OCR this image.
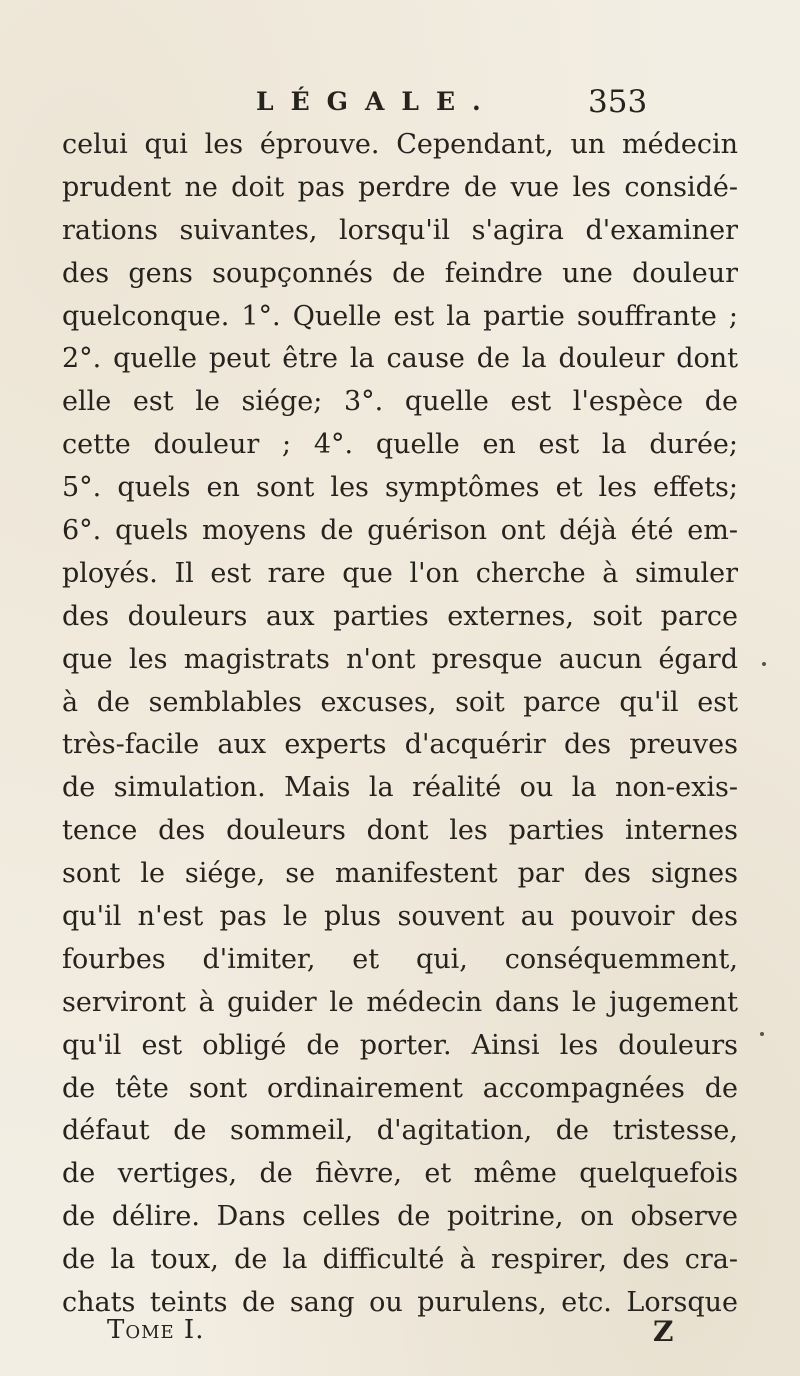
LÉGALE.	353
celui qui les éprouve. Cependant, un médecin
prudent ne doit pas perdre de vue les considé-
rations suivantes, lorsqu'il s'agira d'examiner
des gens soupçonnés de feindre une douleur
quelconque. 1°. Quelle est la partie souffrante ;
2°. quelle peut être la cause de la douleur dont
elle est le siége; 3°. quelle est l'espèce de
cette douleur ; 4°. quelle en est la durée;
5°. quels en sont les symptômes et les effets;
6°. quels moyens de guérison ont déjà été em-
ployés. Il est rare que l'on cherche à simuler
des douleurs aux parties externes, soit parce
que les magistrats n'ont presque aucun égard
à de semblables excuses, soit parce qu'il est
très-facile aux experts d'acquérir des preuves
de simulation. Mais la réalité ou la non-exis-
tence des douleurs dont les parties internes
sont le siége, se manifestent par des signes
qu'il n'est pas le plus souvent au pouvoir des
fourbes d'imiter, et qui, conséquemment,
serviront à guider le médecin dans le jugement
qu'il est obligé de porter. Ainsi les douleurs
de tête sont ordinairement accompagnées de
défaut de sommeil, d'agitation, de tristesse,
de vertiges, de fièvre, et même quelquefois
de délire. Dans celles de poitrine, on observe
de la toux, de la difficulté à respirer, des cra-
chats teints de sang ou purulens, etc. Lorsque
Tome I.	Z
